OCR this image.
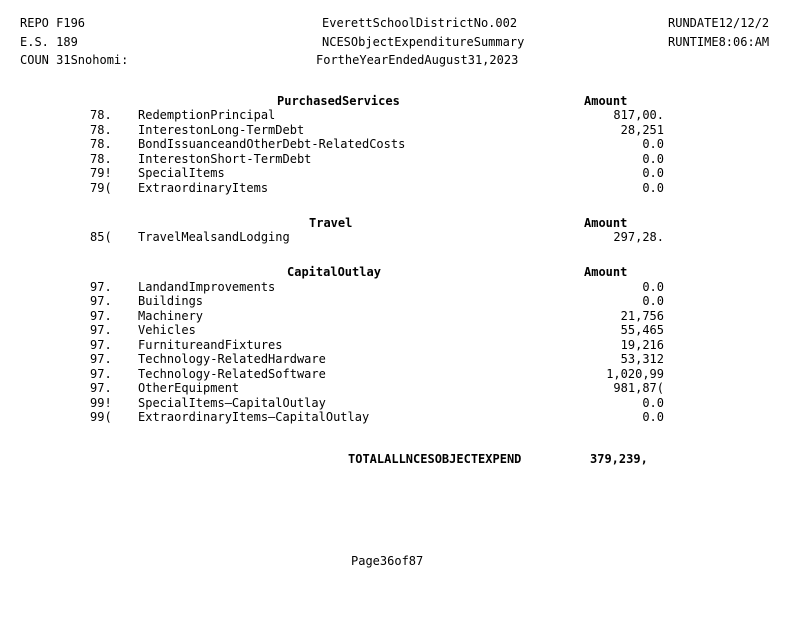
REPO F196
E.S. 189
COUN 31Snohomi:
EverettSchoolDistrictNo.002
NCESObjectExpenditureSummary
FortheYearEndedAugust31,2023
RUNDATE12/12/2
RUNTIME8:06:AM
PurchasedServices	Amount
78.	RedemptionPrincipal	817,00.
78.	InterestonLong-TermDebt	28,251
78.	BondIssuanceandOtherDebt-RelatedCosts	0.0
78.	InterestonShort-TermDebt	0.0
79!	SpecialItems	0.0
79(	ExtraordinaryItems	0.0
Travel	Amount
85(	TravelMealsandLodging	297,28.
CapitalOutlay	Amount
97.	LandandImprovements	0.0
97.	Buildings	0.0
97.	Machinery	21,756
97.	Vehicles	55,465
97.	FurnitureandFixtures	19,216
97.	Technology-RelatedHardware	53,312
97.	Technology-RelatedSoftware	1,020,99
97.	OtherEquipment	981,87(
99!	SpecialItems—CapitalOutlay	0.0
99(	ExtraordinaryItems—CapitalOutlay	0.0
TOTALALLNCESOBJECTEXPEND	379,239,
Page36of87
